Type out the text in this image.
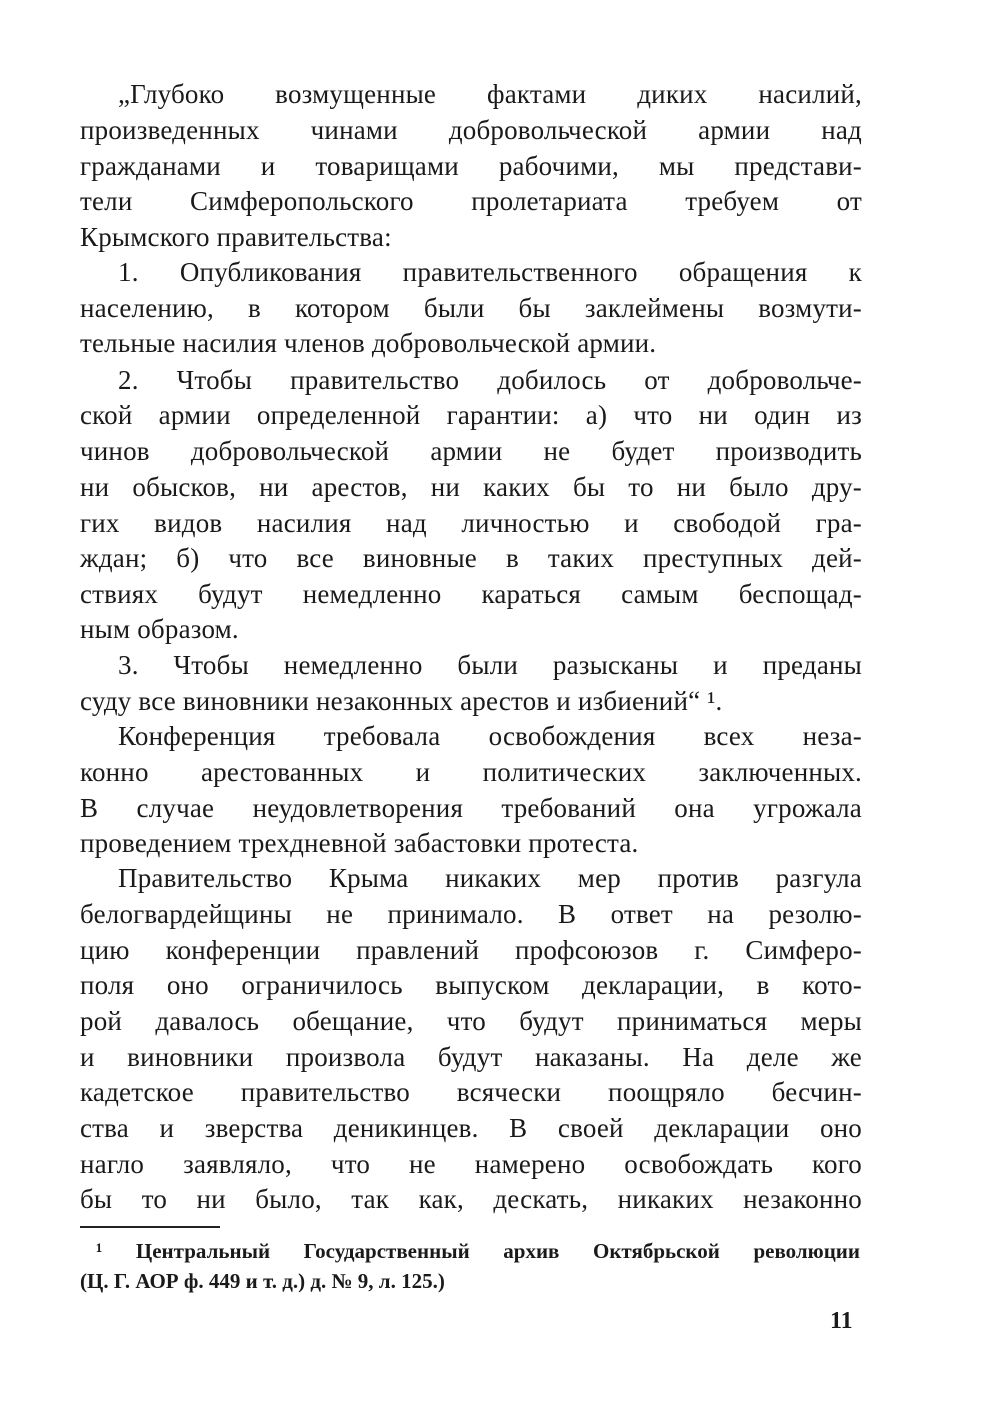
„Глубоко возмущенные фактами диких насилий,
произведенных чинами добровольческой армии над
гражданами и товарищами рабочими, мы представи-
тели Симферопольского пролетариата требуем от
Крымского правительства:
1. Опубликования правительственного обращения к
населению, в котором были бы заклеймены возмути-
тельные насилия членов добровольческой армии.
2. Чтобы правительство добилось от добровольче-
ской армии определенной гарантии: а) что ни один из
чинов добровольческой армии не будет производить
ни обысков, ни арестов, ни каких бы то ни было дру-
гих видов насилия над личностью и свободой гра-
ждан; б) что все виновные в таких преступных дей-
ствиях будут немедленно караться самым беспощад-
ным образом.
3. Чтобы немедленно были разысканы и преданы
суду все виновники незаконных арестов и избиений“ ¹.
Конференция требовала освобождения всех неза-
конно арестованных и политических заключенных.
В случае неудовлетворения требований она угрожала
проведением трехдневной забастовки протеста.
Правительство Крыма никаких мер против разгула
белогвардейщины не принимало. В ответ на резолю-
цию конференции правлений профсоюзов г. Симферо-
поля оно ограничилось выпуском декларации, в кото-
рой давалось обещание, что будут приниматься меры
и виновники произвола будут наказаны. На деле же
кадетское правительство всячески поощряло бесчин-
ства и зверства деникинцев. В своей декларации оно
нагло заявляло, что не намерено освобождать кого
бы то ни было, так как, дескать, никаких незаконно
¹ Центральный Государственный архив Октябрьской революции
(Ц. Г. АОР ф. 449 и т. д.) д. № 9, л. 125.)
11
